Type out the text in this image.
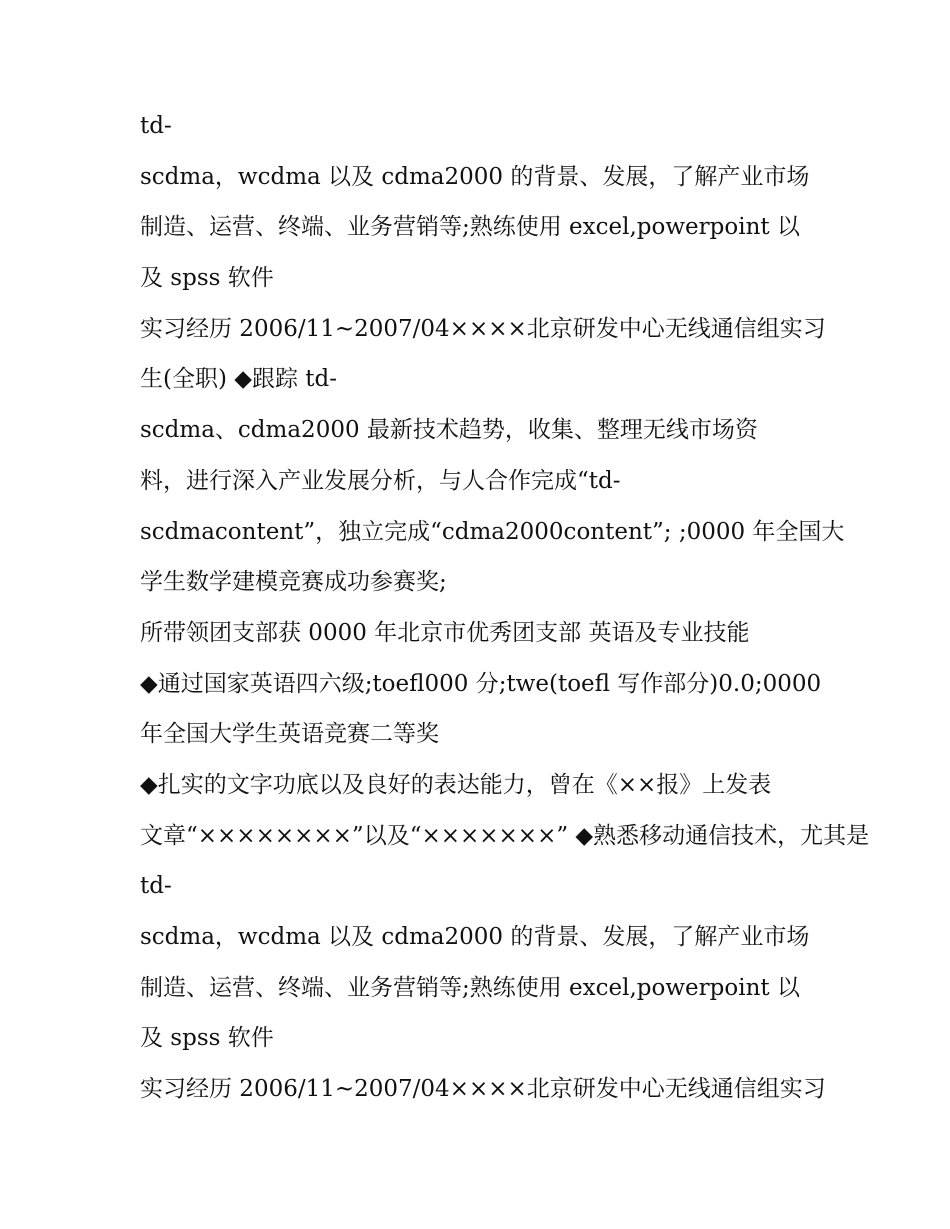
td-
scdma，wcdma 以及 cdma2000 的背景、发展，了解产业市场
制造、运营、终端、业务营销等;熟练使用 excel,powerpoint 以
及 spss 软件
实习经历 2006/11~2007/04××××北京研发中心无线通信组实习
生(全职) ◆跟踪 td-
scdma、cdma2000 最新技术趋势，收集、整理无线市场资
料，进行深入产业发展分析，与人合作完成“td-
scdmacontent”，独立完成“cdma2000content”; ;0000 年全国大
学生数学建模竞赛成功参赛奖;
所带领团支部获 0000 年北京市优秀团支部 英语及专业技能
◆通过国家英语四六级;toefl000 分;twe(toefl 写作部分)0.0;0000
年全国大学生英语竞赛二等奖
◆扎实的文字功底以及良好的表达能力，曾在《××报》上发表
文章“××××××××”以及“×××××××” ◆熟悉移动通信技术，尤其是
td-
scdma，wcdma 以及 cdma2000 的背景、发展，了解产业市场
制造、运营、终端、业务营销等;熟练使用 excel,powerpoint 以
及 spss 软件
实习经历 2006/11~2007/04××××北京研发中心无线通信组实习
